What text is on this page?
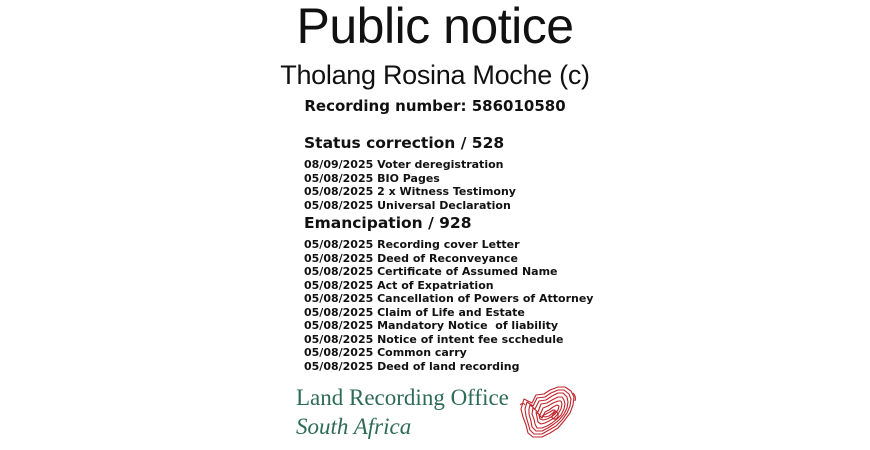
Public notice
Tholang Rosina Moche (c)
Recording number: 586010580
Status correction / 528
08/09/2025 Voter deregistration
05/08/2025 BIO Pages
05/08/2025 2 x Witness Testimony
05/08/2025 Universal Declaration
Emancipation / 928
05/08/2025 Recording cover Letter
05/08/2025 Deed of Reconveyance
05/08/2025 Certificate of Assumed Name
05/08/2025 Act of Expatriation
05/08/2025 Cancellation of Powers of Attorney
05/08/2025 Claim of Life and Estate
05/08/2025 Mandatory Notice  of liability
05/08/2025 Notice of intent fee scchedule
05/08/2025 Common carry
05/08/2025 Deed of land recording
Land Recording Office
South Africa
